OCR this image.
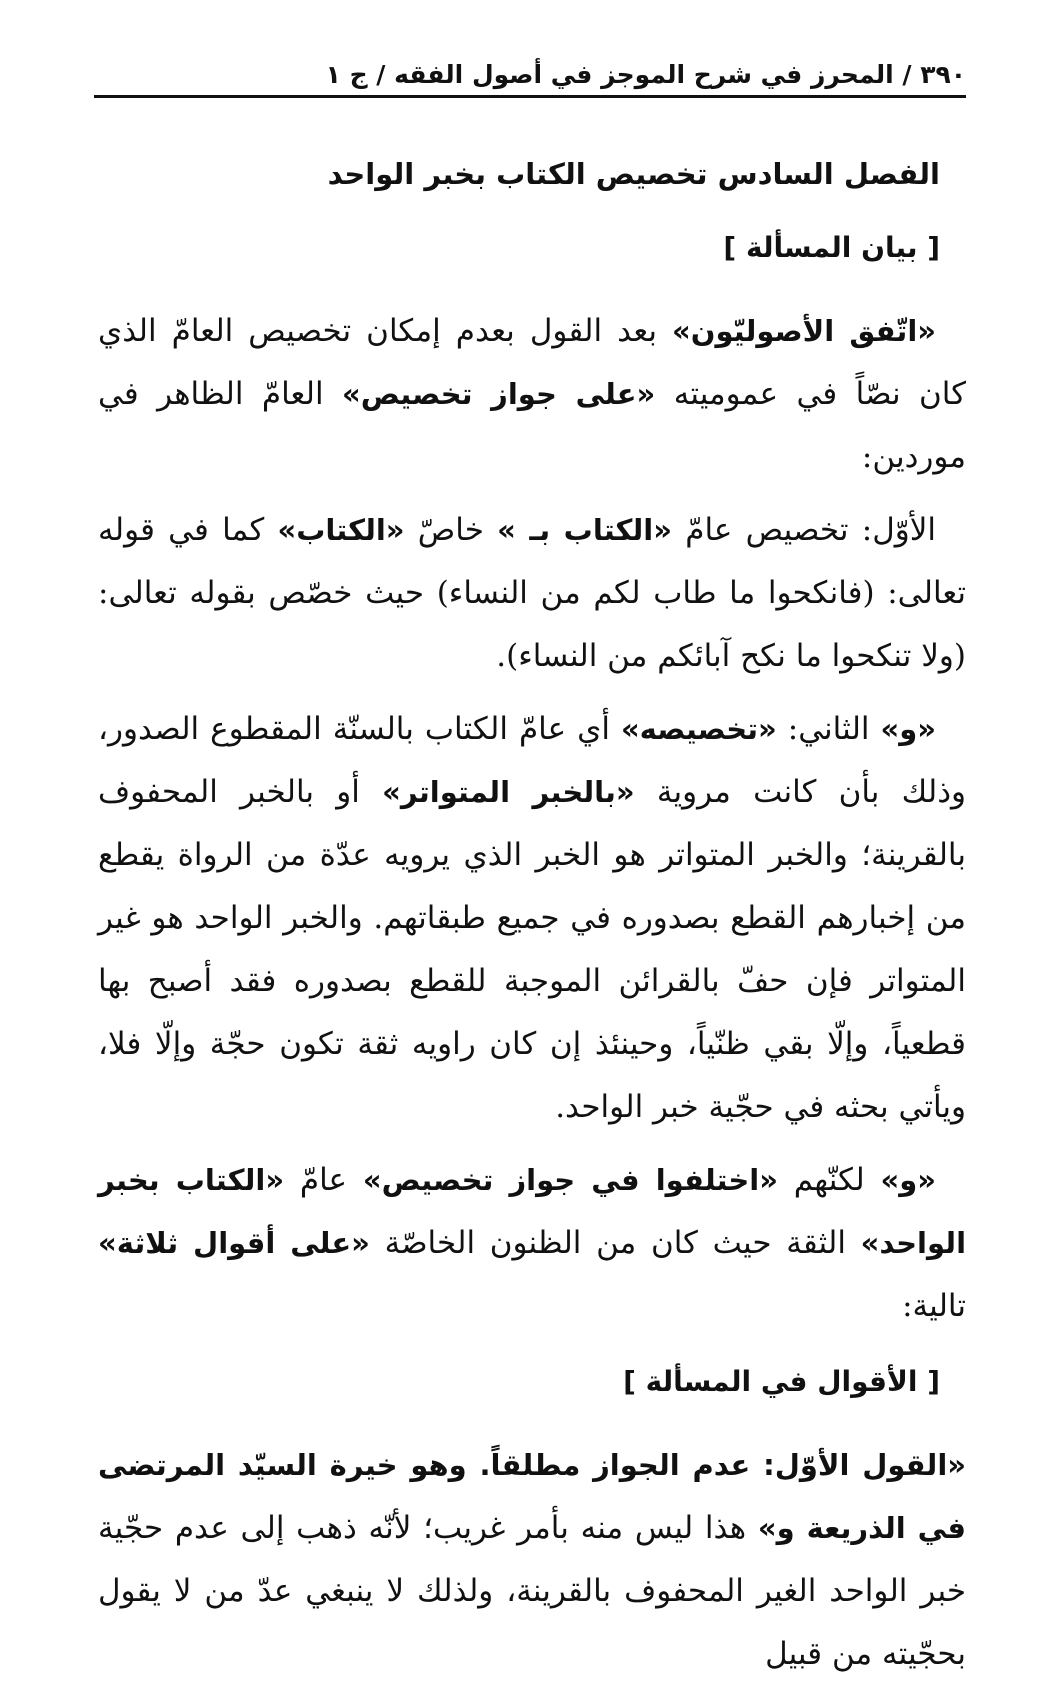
٣٩٠ / المحرز في شرح الموجز في أصول الفقه / ج ١
الفصل السادس تخصيص الكتاب بخبر الواحد
[ بيان المسألة ]

«اتّفق الأصوليّون» بعد القول بعدم إمكان تخصيص العامّ الذي كان نصّاً في عموميته «على جواز تخصيص» العامّ الظاهر في موردين:

الأوّل: تخصيص عامّ «الكتاب بـ » خاصّ «الكتاب» كما في قوله تعالى: (فانكحوا ما طاب لكم من النساء) حيث خصّص بقوله تعالى: (ولا تنكحوا ما نكح آبائكم من النساء).

«و» الثاني: «تخصيصه» أي عامّ الكتاب بالسنّة المقطوع الصدور، وذلك بأن كانت مروية «بالخبر المتواتر» أو بالخبر المحفوف بالقرينة؛ والخبر المتواتر هو الخبر الذي يرويه عدّة من الرواة يقطع من إخبارهم القطع بصدوره في جميع طبقاتهم. والخبر الواحد هو غير المتواتر فإن حفّ بالقرائن الموجبة للقطع بصدوره فقد أصبح بها قطعياً، وإلّا بقي ظنّياً، وحينئذ إن كان راويه ثقة تكون حجّة وإلّا فلا، ويأتي بحثه في حجّية خبر الواحد.

«و» لكنّهم «اختلفوا في جواز تخصيص» عامّ «الكتاب بخبر الواحد» الثقة حيث كان من الظنون الخاصّة «على أقوال ثلاثة» تالية:

[ الأقوال في المسألة ]

«القول الأوّل: عدم الجواز مطلقاً. وهو خيرة السيّد المرتضى في الذريعة و» هذا ليس منه بأمر غريب؛ لأنّه ذهب إلى عدم حجّية خبر الواحد الغير المحفوف بالقرينة، ولذلك لا ينبغي عدّ من لا يقول بحجّيته من قبيل
